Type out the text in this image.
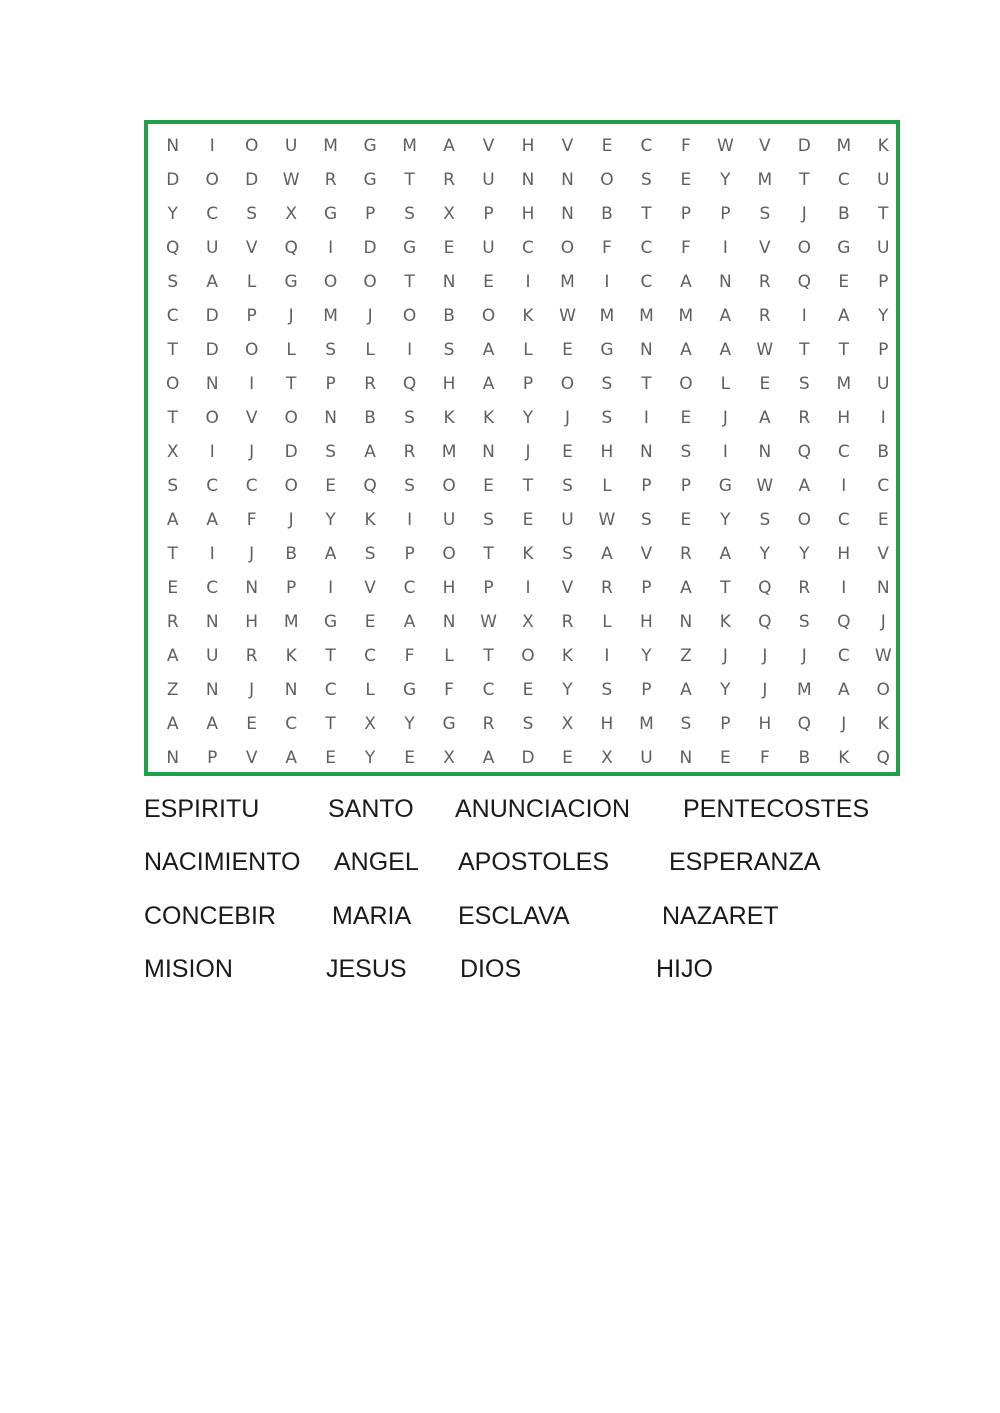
N	I	O	U	M	G	M	A	V	H	V	E	C	F	W	V	D	M	K
D	O	D	W	R	G	T	R	U	N	N	O	S	E	Y	M	T	C	U
Y	C	S	X	G	P	S	X	P	H	N	B	T	P	P	S	J	B	T
Q	U	V	Q	I	D	G	E	U	C	O	F	C	F	I	V	O	G	U
S	A	L	G	O	O	T	N	E	I	M	I	C	A	N	R	Q	E	P
C	D	P	J	M	J	O	B	O	K	W	M	M	M	A	R	I	A	Y
T	D	O	L	S	L	I	S	A	L	E	G	N	A	A	W	T	T	P
O	N	I	T	P	R	Q	H	A	P	O	S	T	O	L	E	S	M	U
T	O	V	O	N	B	S	K	K	Y	J	S	I	E	J	A	R	H	I
X	I	J	D	S	A	R	M	N	J	E	H	N	S	I	N	Q	C	B
S	C	C	O	E	Q	S	O	E	T	S	L	P	P	G	W	A	I	C
A	A	F	J	Y	K	I	U	S	E	U	W	S	E	Y	S	O	C	E
T	I	J	B	A	S	P	O	T	K	S	A	V	R	A	Y	Y	H	V
E	C	N	P	I	V	C	H	P	I	V	R	P	A	T	Q	R	I	N
R	N	H	M	G	E	A	N	W	X	R	L	H	N	K	Q	S	Q	J
A	U	R	K	T	C	F	L	T	O	K	I	Y	Z	J	J	J	C	W
Z	N	J	N	C	L	G	F	C	E	Y	S	P	A	Y	J	M	A	O
A	A	E	C	T	X	Y	G	R	S	X	H	M	S	P	H	Q	J	K
N	P	V	A	E	Y	E	X	A	D	E	X	U	N	E	F	B	K	Q
ESPIRITU	SANTO ANUNCIACION PENTECOSTES
NACIMIENTO ANGEL APOSTOLES ESPERANZA
CONCEBIR MARIA ESCLAVA	NAZARET
MISION	JESUS DIOS	HIJO
